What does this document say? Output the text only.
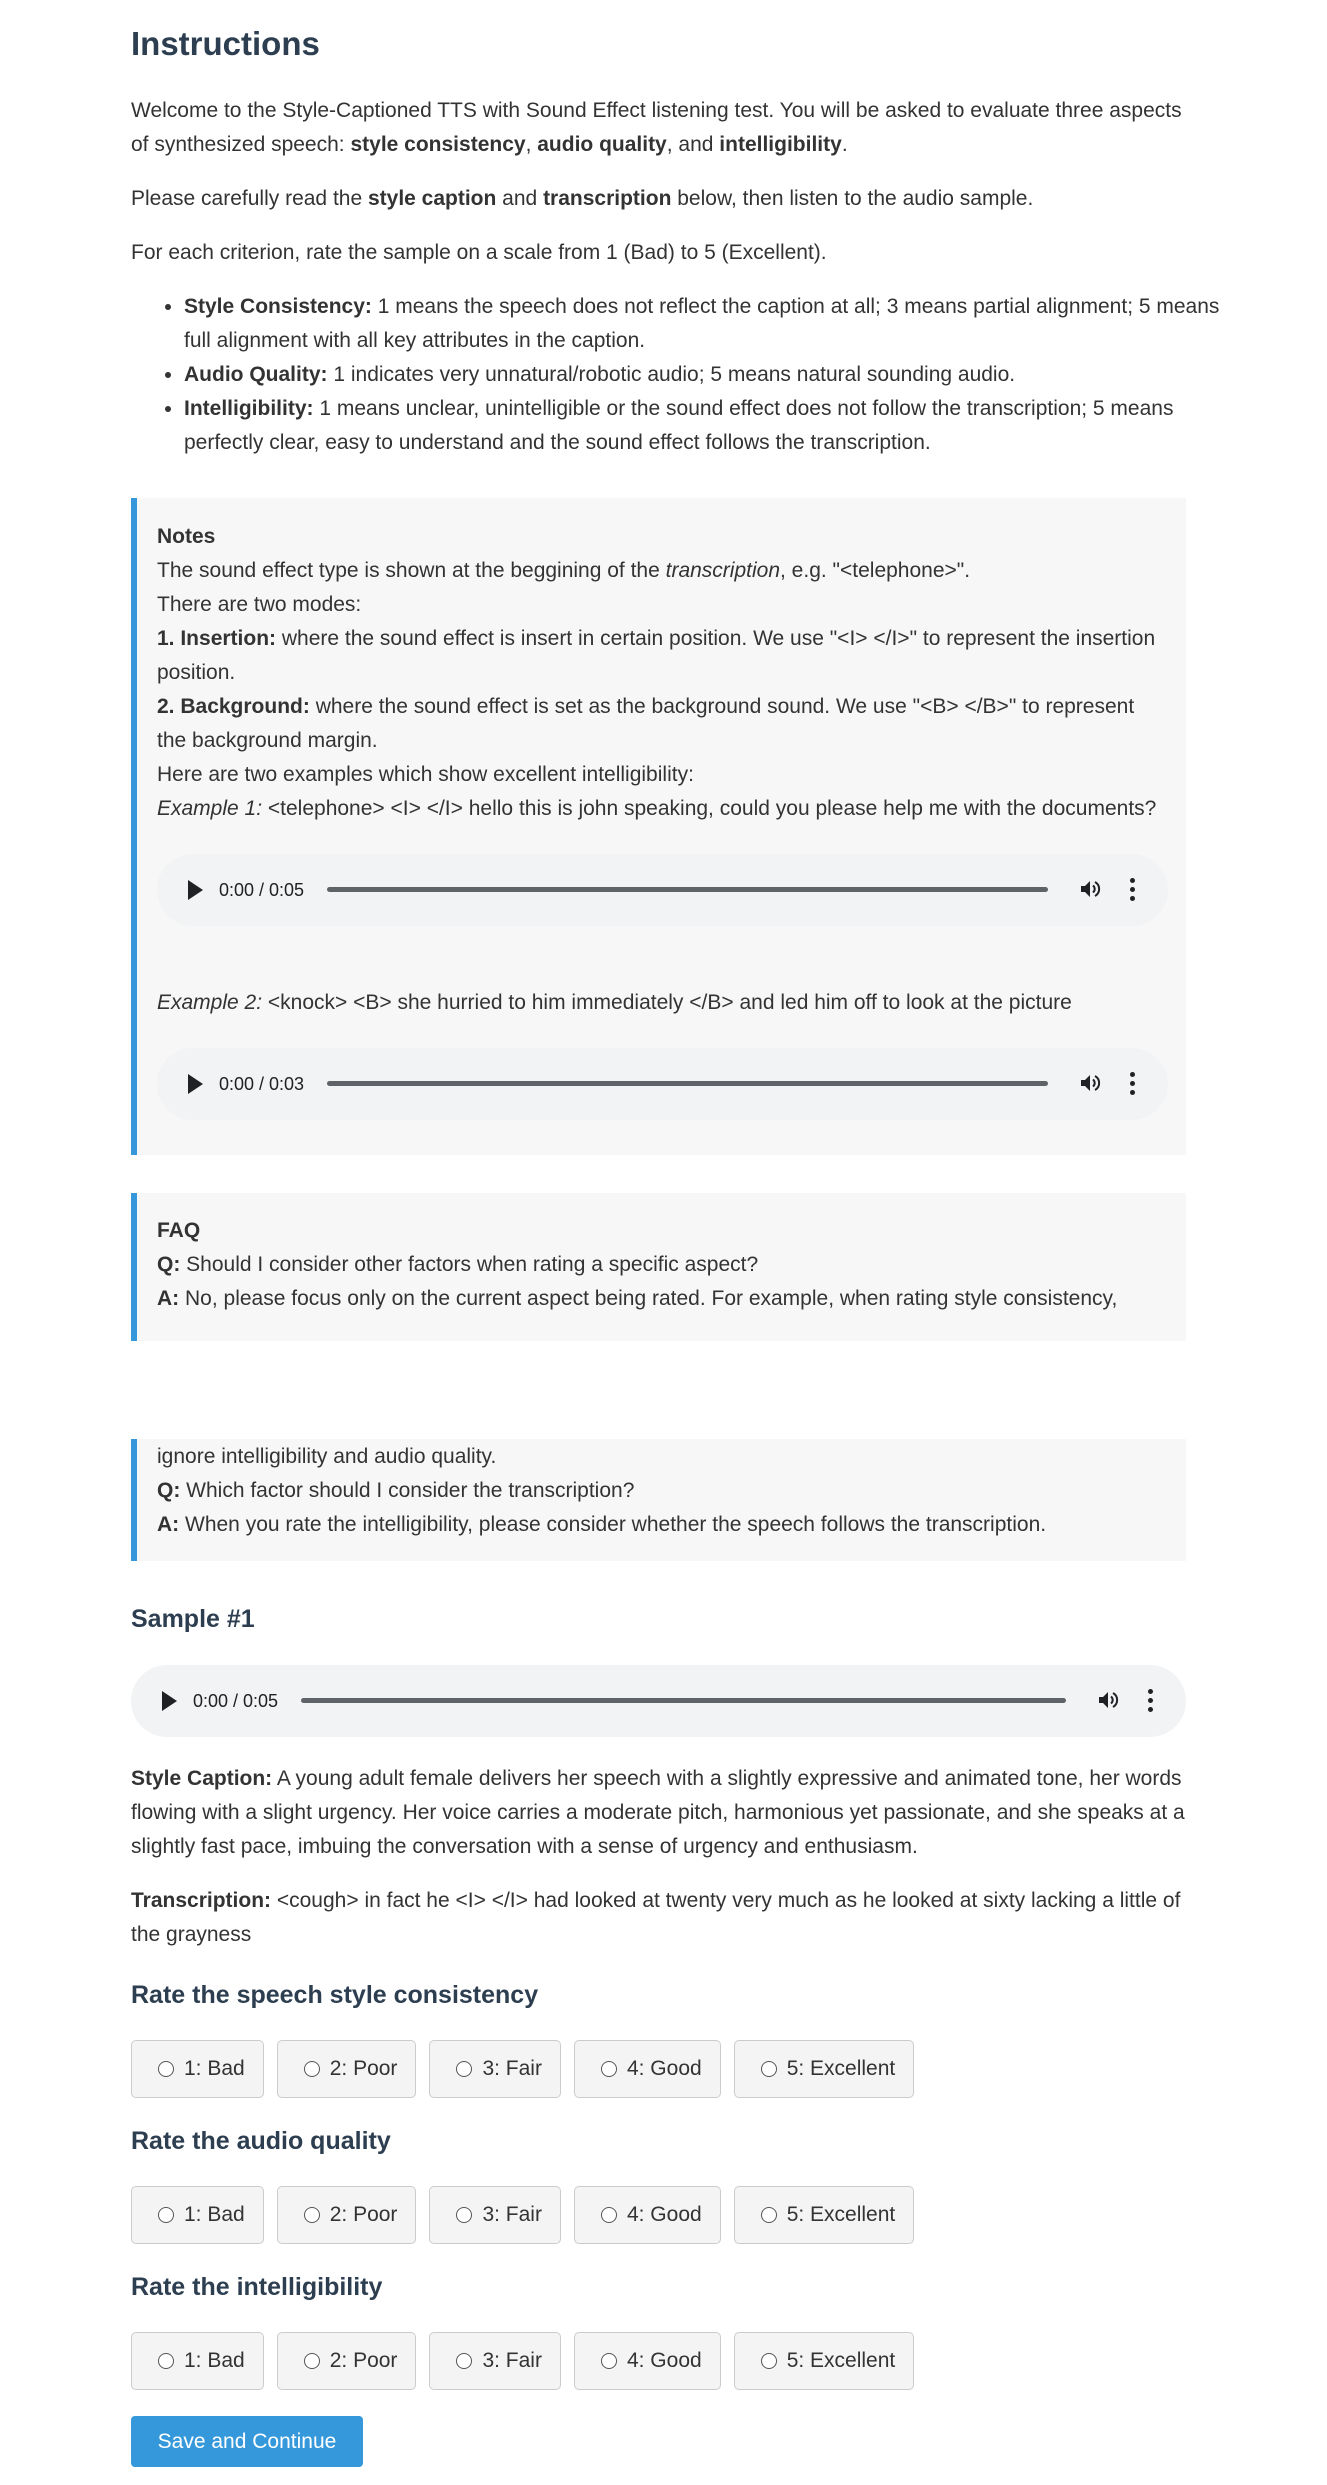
Instructions

Welcome to the Style-Captioned TTS with Sound Effect listening test. You will be asked to evaluate three aspects of synthesized speech: style consistency, audio quality, and intelligibility.

Please carefully read the style caption and transcription below, then listen to the audio sample.

For each criterion, rate the sample on a scale from 1 (Bad) to 5 (Excellent).

• Style Consistency: 1 means the speech does not reflect the caption at all; 3 means partial alignment; 5 means full alignment with all key attributes in the caption.
• Audio Quality: 1 indicates very unnatural/robotic audio; 5 means natural sounding audio.
• Intelligibility: 1 means unclear, unintelligible or the sound effect does not follow the transcription; 5 means perfectly clear, easy to understand and the sound effect follows the transcription.

Notes

The sound effect type is shown at the beggining of the transcription, e.g. "<telephone>".

There are two modes:

1. Insertion: where the sound effect is insert in certain position. We use "<I> </I>" to represent the insertion position.

2. Background: where the sound effect is set as the background sound. We use "<B> </B>" to represent the background margin.

Here are two examples which show excellent intelligibility:

Example 1: <telephone> <I> </I> hello this is john speaking, could you please help me with the documents?

0:00 / 0:05

Example 2: <knock> <B> she hurried to him immediately </B> and led him off to look at the picture

0:00 / 0:03

FAQ

Q: Should I consider other factors when rating a specific aspect?

A: No, please focus only on the current aspect being rated. For example, when rating style consistency,

ignore intelligibility and audio quality.

Q: Which factor should I consider the transcription?

A: When you rate the intelligibility, please consider whether the speech follows the transcription.

Sample #1
0:00 / 0:05

Style Caption: A young adult female delivers her speech with a slightly expressive and animated tone, her words flowing with a slight urgency. Her voice carries a moderate pitch, harmonious yet passionate, and she speaks at a slightly fast pace, imbuing the conversation with a sense of urgency and enthusiasm.

Transcription: <cough> in fact he <I> </I> had looked at twenty very much as he looked at sixty lacking a little of the grayness

Rate the speech style consistency
1: Bad	2: Poor	3: Fair	4: Good	5: Excellent
Rate the audio quality
1: Bad	2: Poor	3: Fair	4: Good	5: Excellent
Rate the intelligibility
1: Bad	2: Poor	3: Fair	4: Good	5: Excellent
Save and Continue
